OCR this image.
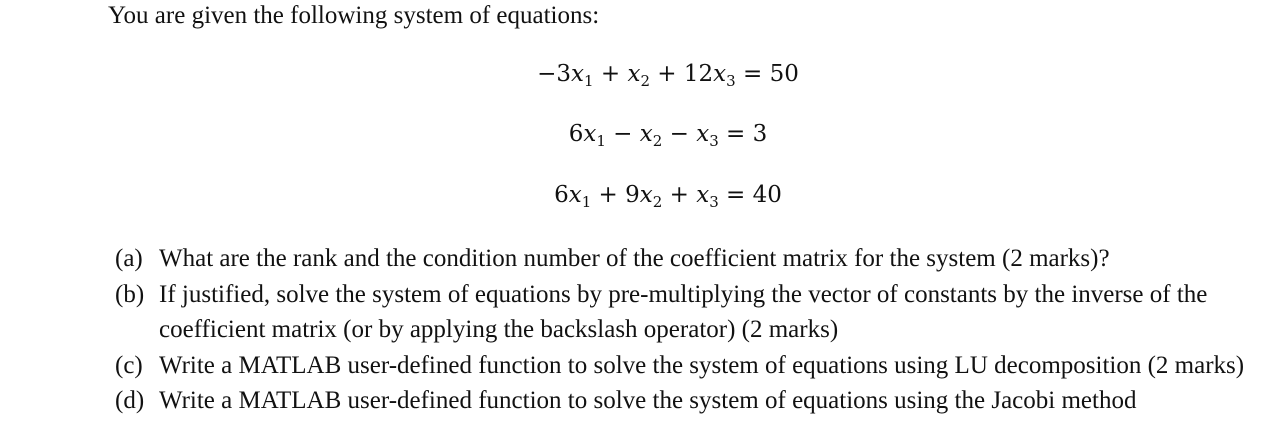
You are given the following system of equations:
$-3x_1 + x_2 + 12x_3 = 50$
$6x_1 - x_2 - x_3 = 3$
$6x_1 + 9x_2 + x_3 = 40$
(a) What are the rank and the condition number of the coefficient matrix for the system (2 marks)?
(b) If justified, solve the system of equations by pre-multiplying the vector of constants by the inverse of the coefficient matrix (or by applying the backslash operator) (2 marks)
(c) Write a MATLAB user-defined function to solve the system of equations using LU decomposition (2 marks)
(d) Write a MATLAB user-defined function to solve the system of equations using the Jacobi method
